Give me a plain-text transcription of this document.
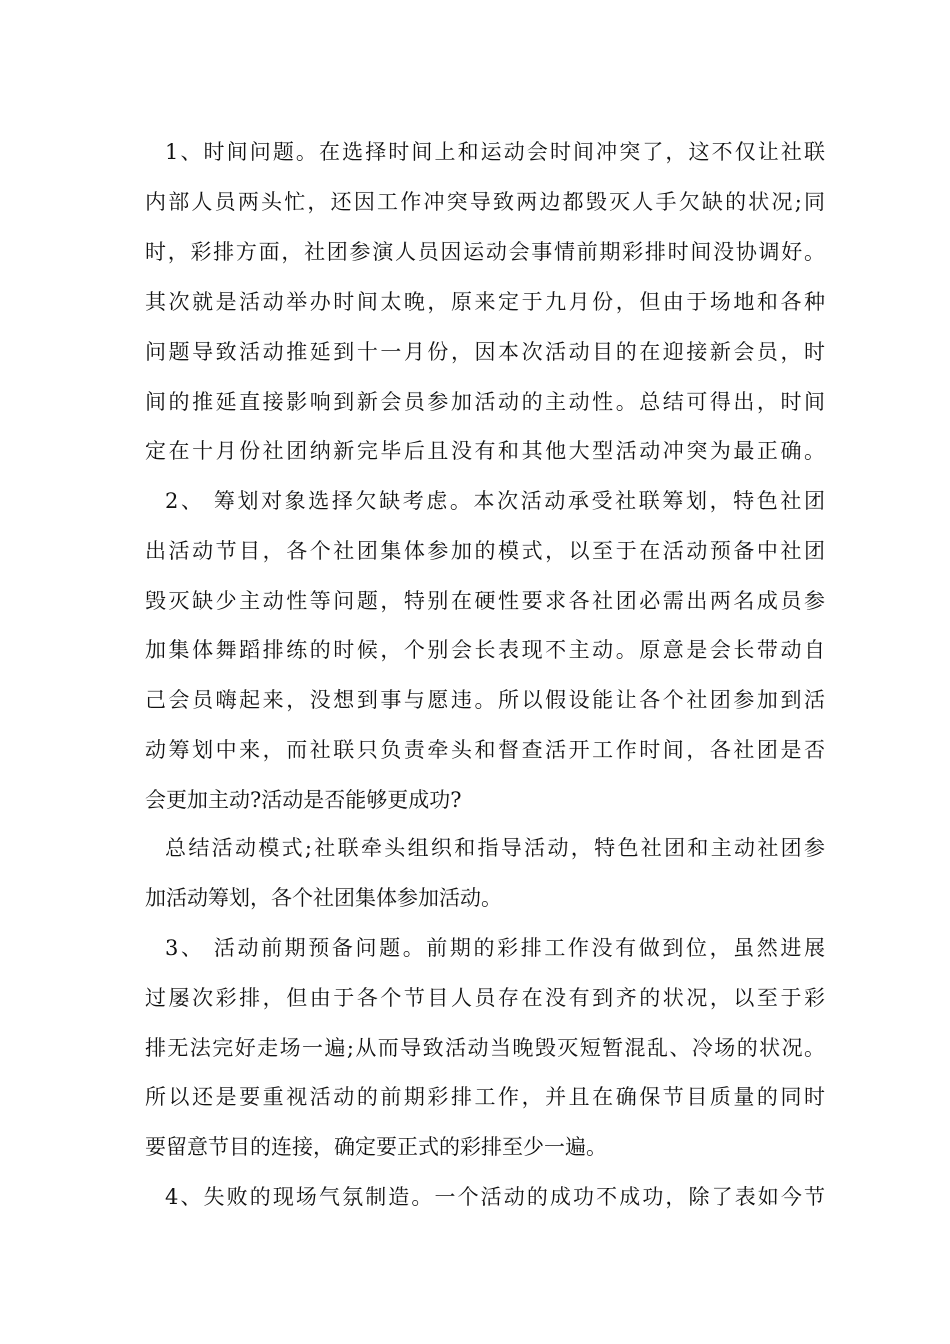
1、时间问题。在选择时间上和运动会时间冲突了，这不仅让社联
内部人员两头忙，还因工作冲突导致两边都毁灭人手欠缺的状况;同
时，彩排方面，社团参演人员因运动会事情前期彩排时间没协调好。
其次就是活动举办时间太晚，原来定于九月份，但由于场地和各种
问题导致活动推延到十一月份，因本次活动目的在迎接新会员，时
间的推延直接影响到新会员参加活动的主动性。总结可得出，时间
定在十月份社团纳新完毕后且没有和其他大型活动冲突为最正确。
2、 筹划对象选择欠缺考虑。本次活动承受社联筹划，特色社团
出活动节目，各个社团集体参加的模式，以至于在活动预备中社团
毁灭缺少主动性等问题，特别在硬性要求各社团必需出两名成员参
加集体舞蹈排练的时候，个别会长表现不主动。原意是会长带动自
己会员嗨起来，没想到事与愿违。所以假设能让各个社团参加到活
动筹划中来，而社联只负责牵头和督查活开工作时间，各社团是否
会更加主动?活动是否能够更成功?
总结活动模式;社联牵头组织和指导活动，特色社团和主动社团参
加活动筹划，各个社团集体参加活动。
3、 活动前期预备问题。前期的彩排工作没有做到位，虽然进展
过屡次彩排，但由于各个节目人员存在没有到齐的状况，以至于彩
排无法完好走场一遍;从而导致活动当晚毁灭短暂混乱、冷场的状况。
所以还是要重视活动的前期彩排工作，并且在确保节目质量的同时
要留意节目的连接，确定要正式的彩排至少一遍。
4、失败的现场气氛制造。一个活动的成功不成功，除了表如今节
